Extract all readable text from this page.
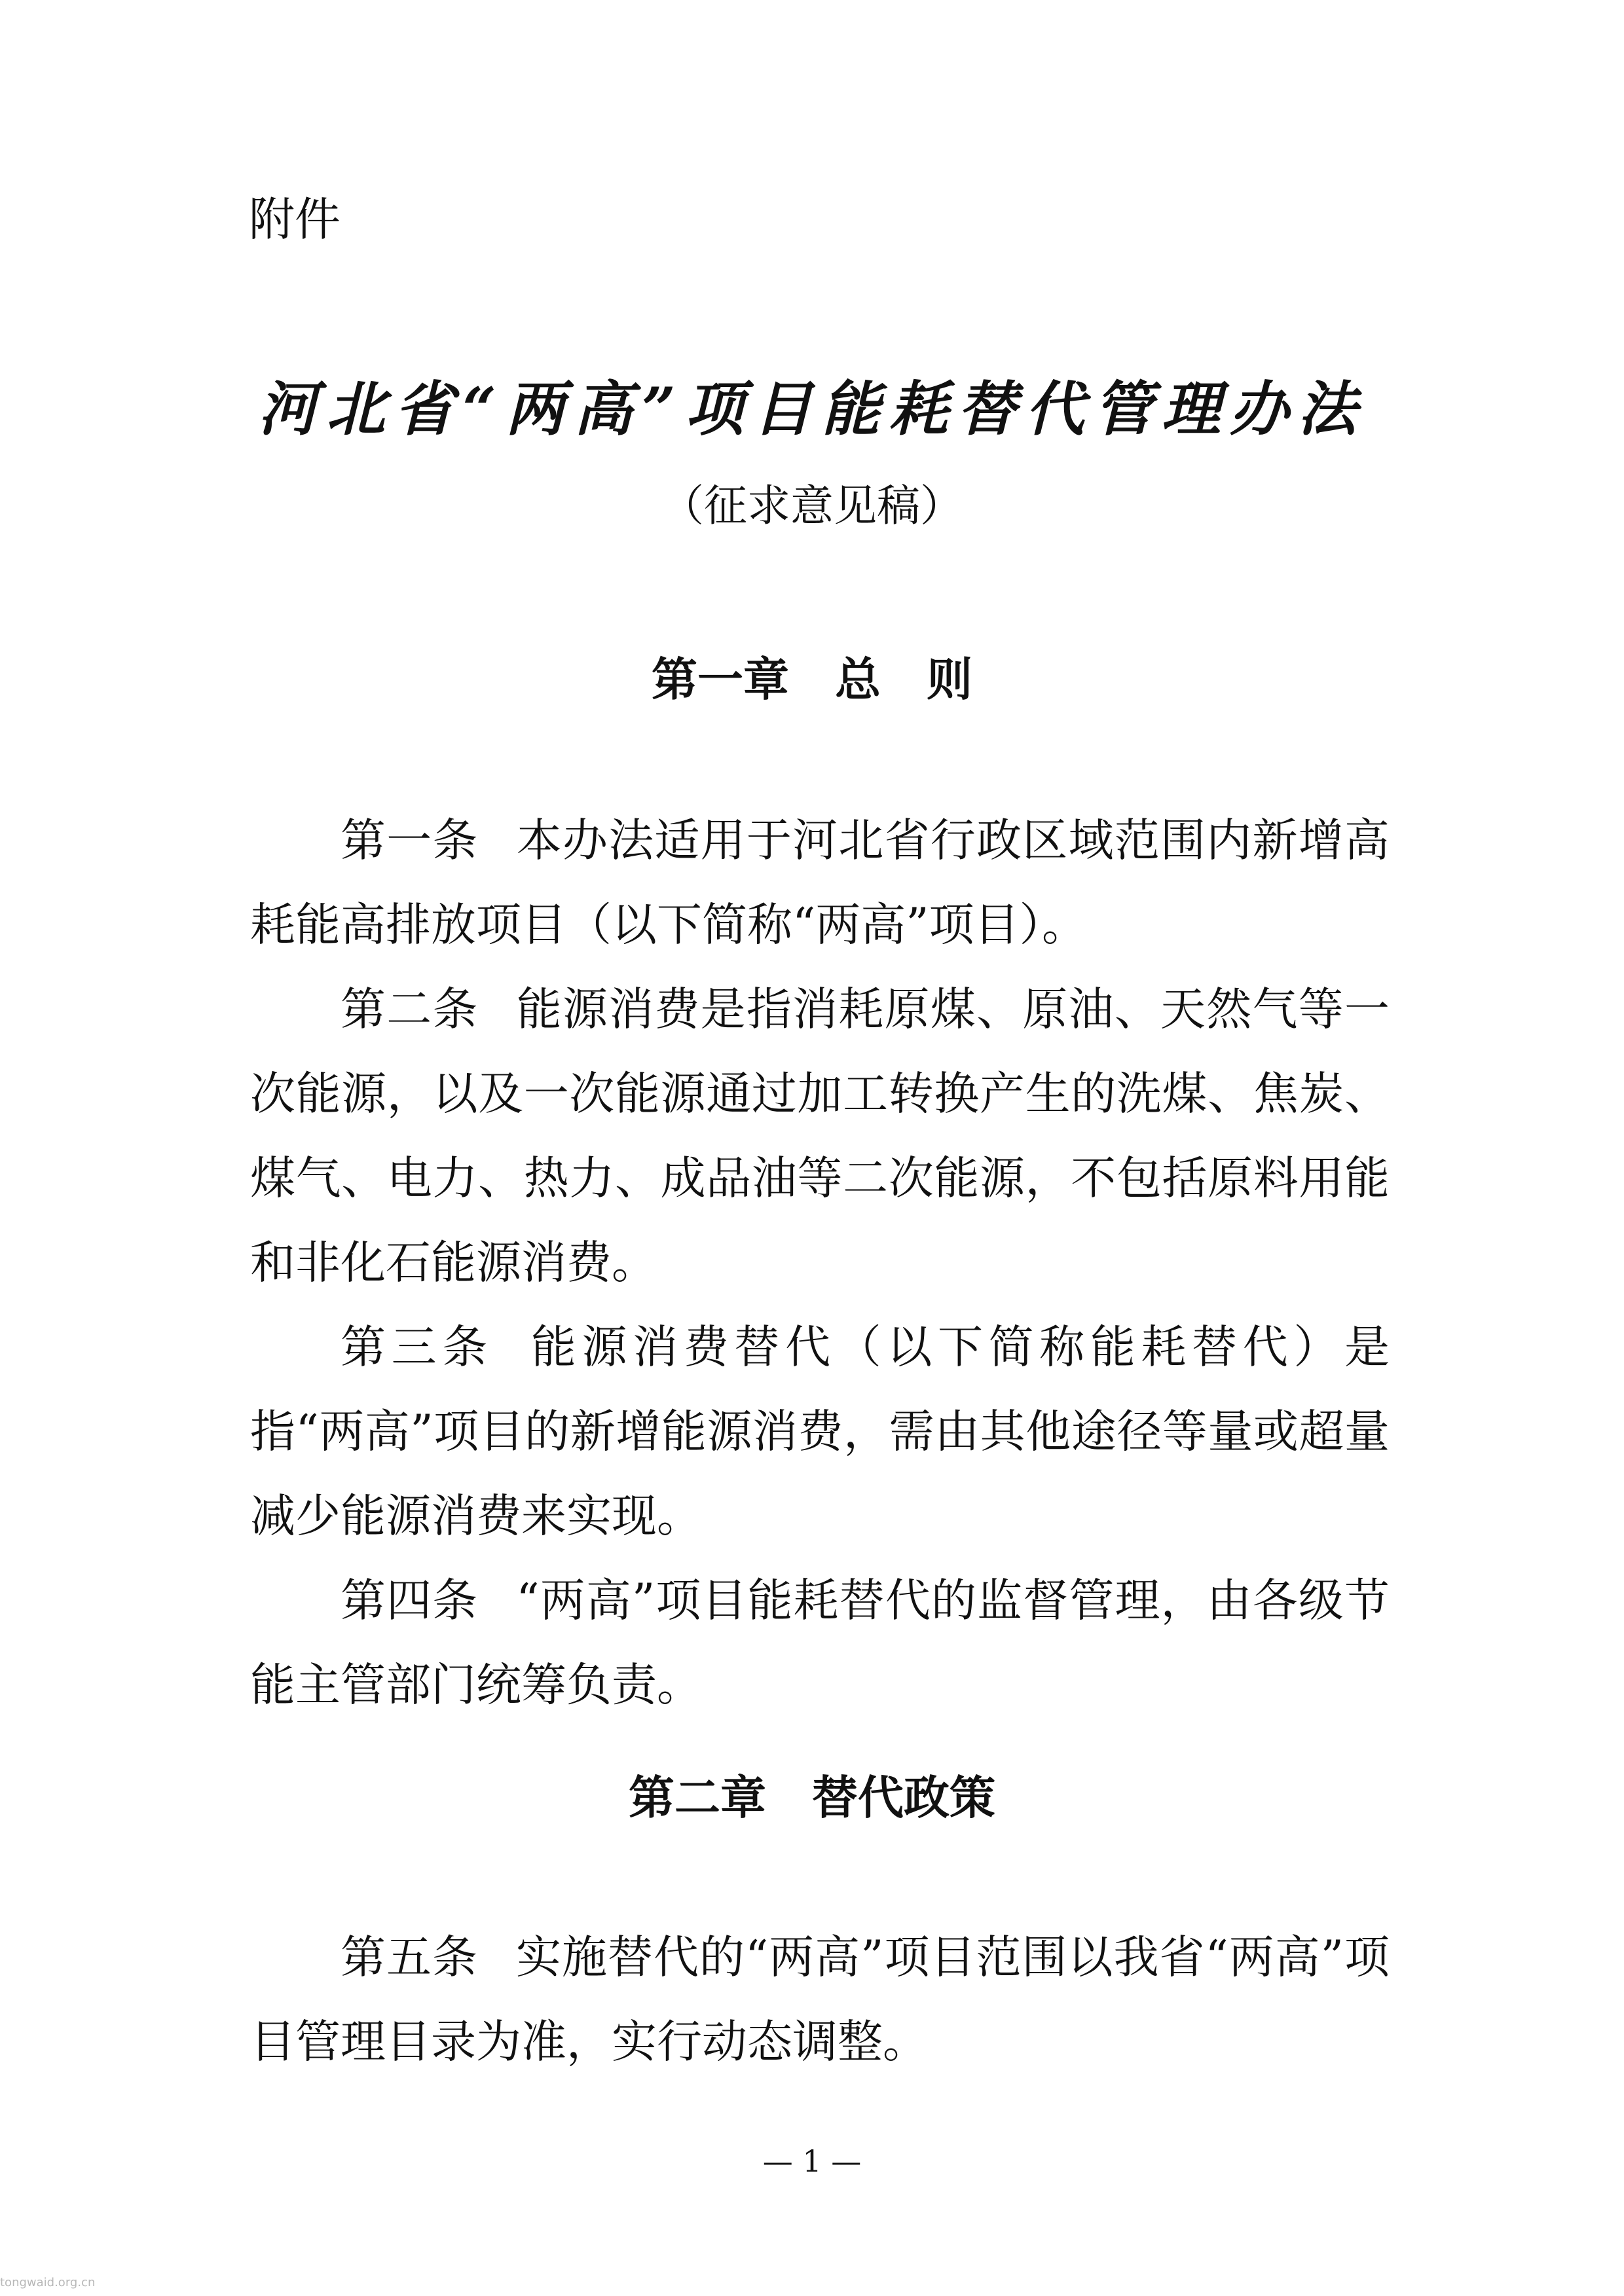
附件

河北省“两高”项目能耗替代管理办法

（征求意见稿）

第一章　总　则

第一条 本办法适用于河北省行政区域范围内新增高耗能高排放项目（以下简称“两高”项目）。

第二条 能源消费是指消耗原煤、原油、天然气等一次能源，以及一次能源通过加工转换产生的洗煤、焦炭、煤气、电力、热力、成品油等二次能源，不包括原料用能和非化石能源消费。

第三条 能源消费替代（以下简称能耗替代）是指“两高”项目的新增能源消费，需由其他途径等量或超量减少能源消费来实现。

第四条 “两高”项目能耗替代的监督管理，由各级节能主管部门统筹负责。

第二章　替代政策

第五条 实施替代的“两高”项目范围以我省“两高”项目管理目录为准，实行动态调整。

— 1 —

tongwaid.org.cn
